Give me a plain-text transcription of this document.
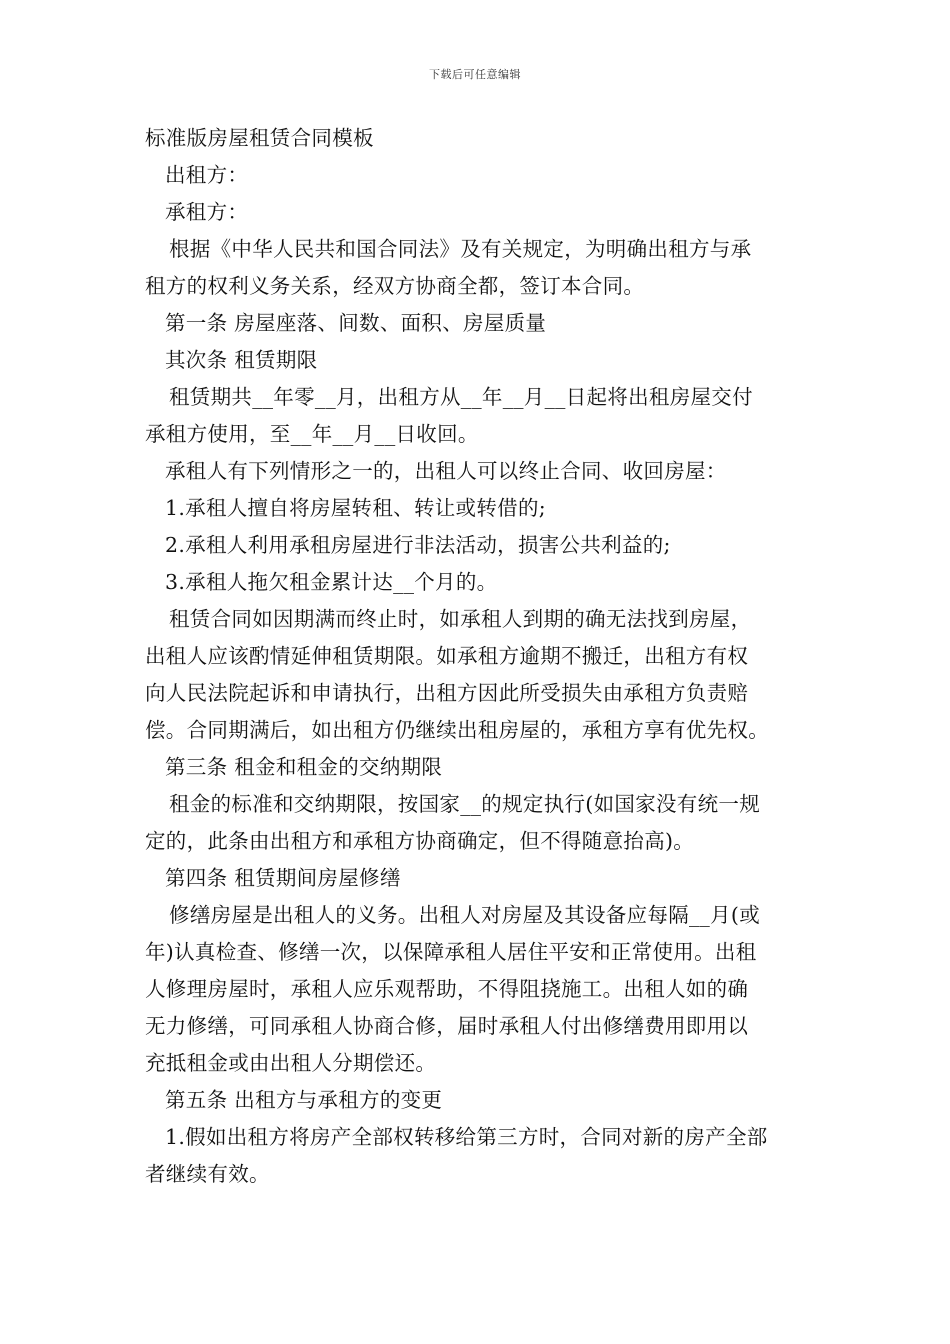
下载后可任意编辑
标准版房屋租赁合同模板
出租方：
承租方：
根据《中华人民共和国合同法》及有关规定，为明确出租方与承
租方的权利义务关系，经双方协商全都，签订本合同。
第一条 房屋座落、间数、面积、房屋质量
其次条 租赁期限
租赁期共__年零__月，出租方从__年__月__日起将出租房屋交付
承租方使用，至__年__月__日收回。
承租人有下列情形之一的，出租人可以终止合同、收回房屋：
1.承租人擅自将房屋转租、转让或转借的;
2.承租人利用承租房屋进行非法活动，损害公共利益的;
3.承租人拖欠租金累计达__个月的。
租赁合同如因期满而终止时，如承租人到期的确无法找到房屋，
出租人应该酌情延伸租赁期限。如承租方逾期不搬迁，出租方有权
向人民法院起诉和申请执行，出租方因此所受损失由承租方负责赔
偿。合同期满后，如出租方仍继续出租房屋的，承租方享有优先权。
第三条 租金和租金的交纳期限
租金的标准和交纳期限，按国家__的规定执行(如国家没有统一规
定的，此条由出租方和承租方协商确定，但不得随意抬高)。
第四条 租赁期间房屋修缮
修缮房屋是出租人的义务。出租人对房屋及其设备应每隔__月(或
年)认真检查、修缮一次，以保障承租人居住平安和正常使用。出租
人修理房屋时，承租人应乐观帮助，不得阻挠施工。出租人如的确
无力修缮，可同承租人协商合修，届时承租人付出修缮费用即用以
充抵租金或由出租人分期偿还。
第五条 出租方与承租方的变更
1.假如出租方将房产全部权转移给第三方时，合同对新的房产全部
者继续有效。
